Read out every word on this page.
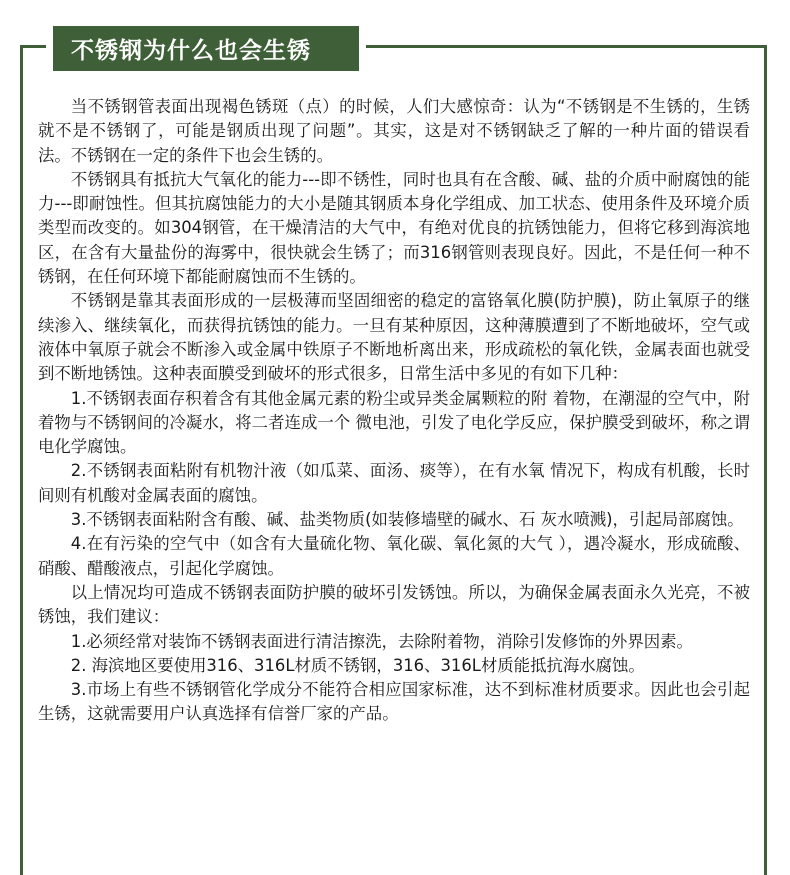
不锈钢为什么也会生锈

当不锈钢管表面出现褐色锈斑（点）的时候，人们大感惊奇：认为“不锈钢是不生锈的，生锈就不是不锈钢了，可能是钢质出现了问题”。其实，这是对不锈钢缺乏了解的一种片面的错误看法。不锈钢在一定的条件下也会生锈的。

不锈钢具有抵抗大气氧化的能力---即不锈性，同时也具有在含酸、碱、盐的介质中耐腐蚀的能力---即耐蚀性。但其抗腐蚀能力的大小是随其钢质本身化学组成、加工状态、使用条件及环境介质类型而改变的。如304钢管，在干燥清洁的大气中，有绝对优良的抗锈蚀能力，但将它移到海滨地区，在含有大量盐份的海雾中，很快就会生锈了；而316钢管则表现良好。因此，不是任何一种不锈钢，在任何环境下都能耐腐蚀而不生锈的。

不锈钢是靠其表面形成的一层极薄而坚固细密的稳定的富铬氧化膜(防护膜)，防止氧原子的继续渗入、继续氧化，而获得抗锈蚀的能力。一旦有某种原因，这种薄膜遭到了不断地破坏，空气或液体中氧原子就会不断渗入或金属中铁原子不断地析离出来，形成疏松的氧化铁，金属表面也就受到不断地锈蚀。这种表面膜受到破坏的形式很多，日常生活中多见的有如下几种：

1.不锈钢表面存积着含有其他金属元素的粉尘或异类金属颗粒的附 着物，在潮湿的空气中，附着物与不锈钢间的冷凝水，将二者连成一个 微电池，引发了电化学反应，保护膜受到破坏，称之谓电化学腐蚀。

2.不锈钢表面粘附有机物汁液（如瓜菜、面汤、痰等），在有水氧 情况下，构成有机酸，长时间则有机酸对金属表面的腐蚀。

3.不锈钢表面粘附含有酸、碱、盐类物质(如装修墙壁的碱水、石 灰水喷溅)，引起局部腐蚀。

4.在有污染的空气中（如含有大量硫化物、氧化碳、氧化氮的大气 ），遇冷凝水，形成硫酸、硝酸、醋酸液点，引起化学腐蚀。

以上情况均可造成不锈钢表面防护膜的破坏引发锈蚀。所以，为确保金属表面永久光亮，不被锈蚀，我们建议：

1.必须经常对装饰不锈钢表面进行清洁擦洗，去除附着物，消除引发修饰的外界因素。

2. 海滨地区要使用316、316L材质不锈钢，316、316L材质能抵抗海水腐蚀。

3.市场上有些不锈钢管化学成分不能符合相应国家标准，达不到标准材质要求。因此也会引起生锈，这就需要用户认真选择有信誉厂家的产品。
